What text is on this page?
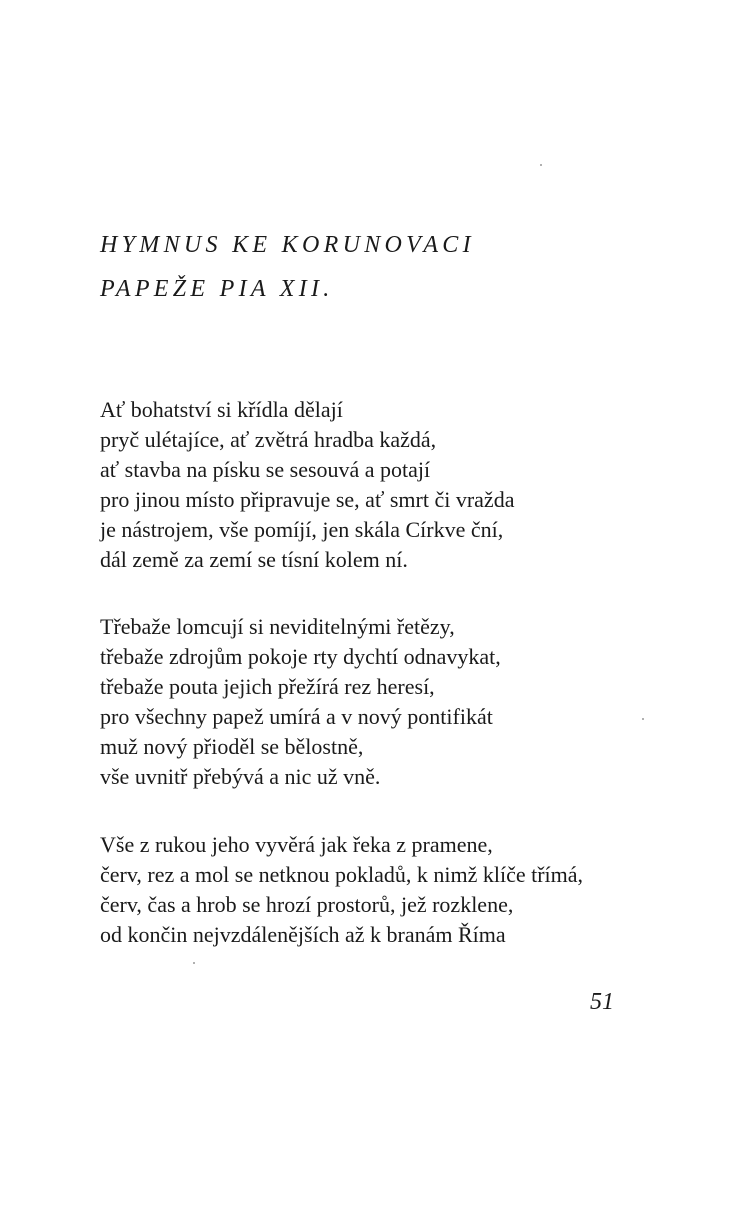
HYMNUS KE KORUNOVACI
PAPEŽE PIA XII.
Ať bohatství si křídla dělají
pryč ulétajíce, ať zvětrá hradba každá,
ať stavba na písku se sesouvá a potají
pro jinou místo připravuje se, ať smrt či vražda
je nástrojem, vše pomíjí, jen skála Církve ční,
dál země za zemí se tísní kolem ní.
Třebaže lomcují si neviditelnými řetězy,
třebaže zdrojům pokoje rty dychtí odnavykat,
třebaže pouta jejich přežírá rez heresí,
pro všechny papež umírá a v nový pontifikát
muž nový přioděl se bělostně,
vše uvnitř přebývá a nic už vně.
Vše z rukou jeho vyvěrá jak řeka z pramene,
červ, rez a mol se netknou pokladů, k nimž klíče třímá,
červ, čas a hrob se hrozí prostorů, jež rozklene,
od končin nejvzdálenějších až k branám Říma
51
